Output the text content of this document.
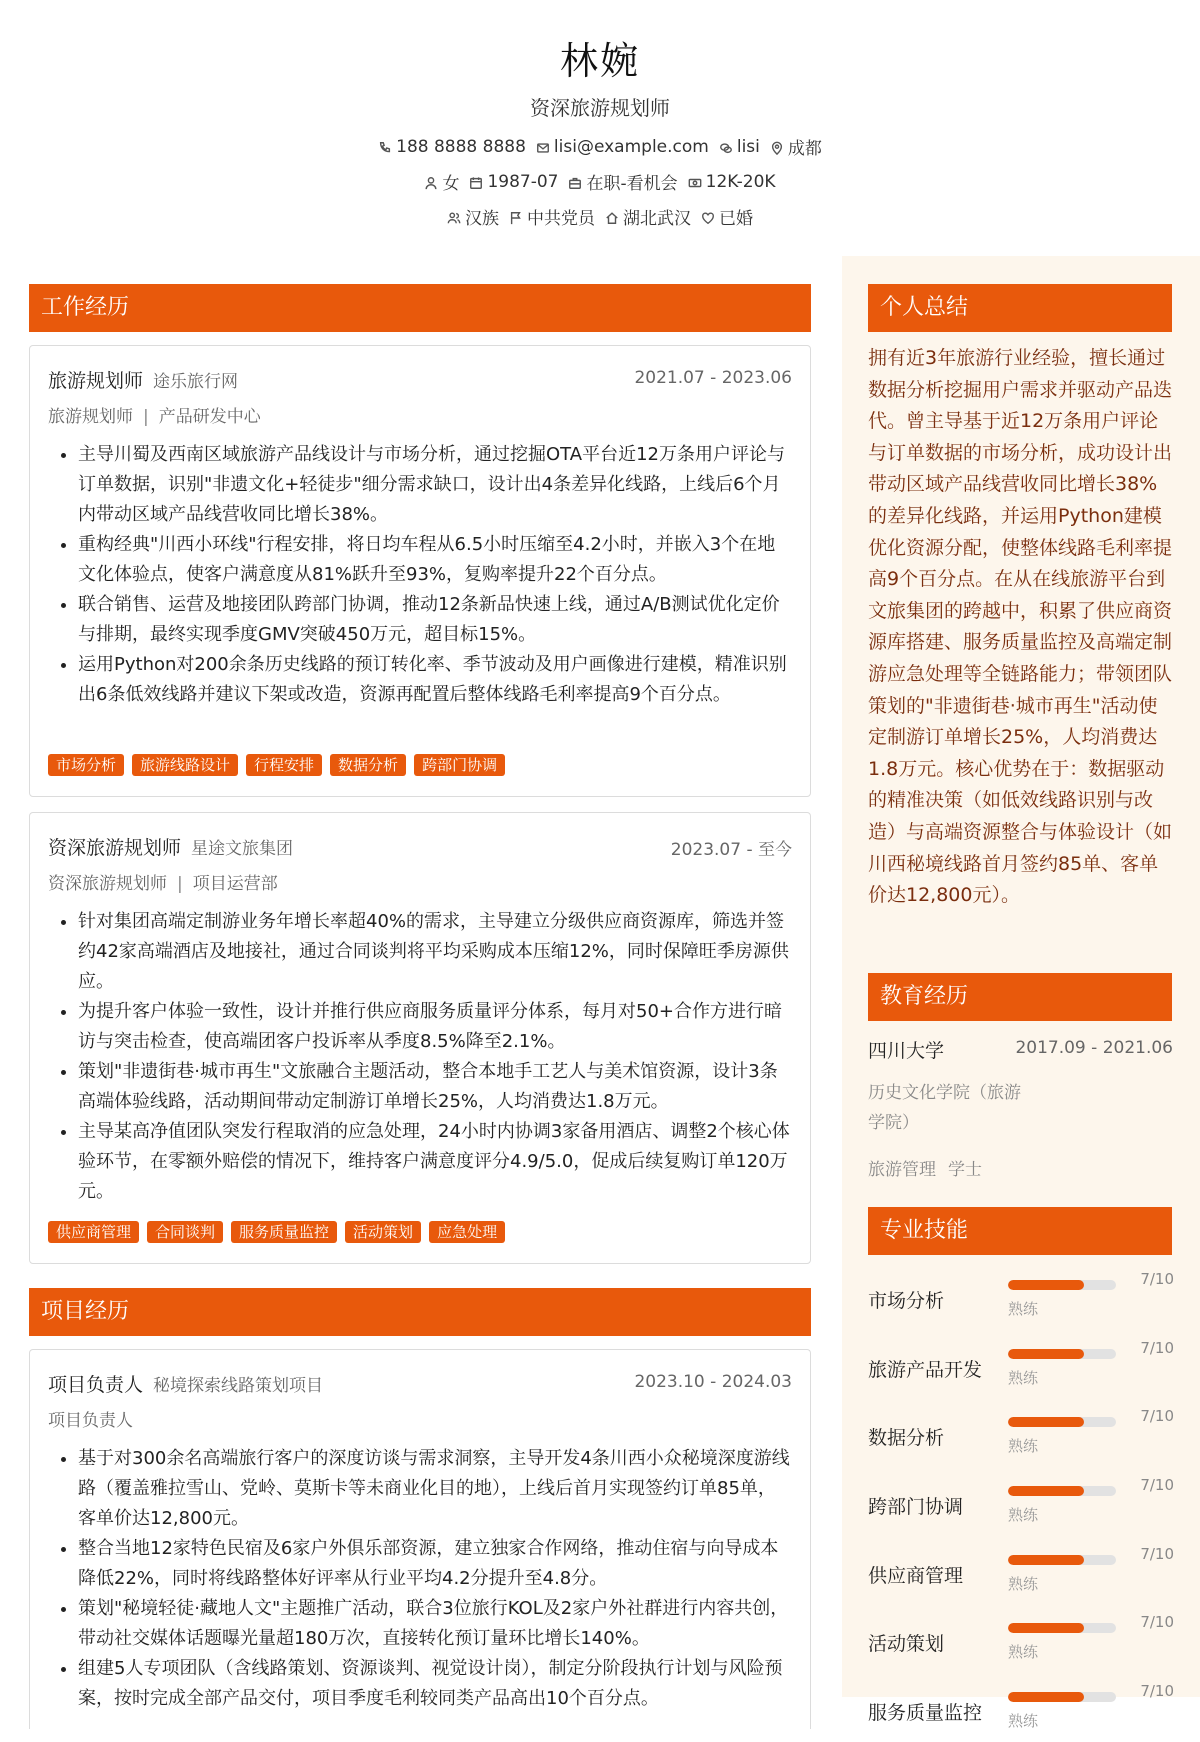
林婉
资深旅游规划师
188 8888 8888 lisi@example.com lisi 成都
女 1987-07 在职-看机会 12K-20K
汉族 中共党员 湖北武汉 已婚
工作经历
旅游规划师 途乐旅行网	2021.07 - 2023.06
旅游规划师 | 产品研发中心
• 主导川蜀及西南区域旅游产品线设计与市场分析，通过挖掘OTA平台近12万条用户评论与订单数据，识别"非遗文化+轻徒步"细分需求缺口，设计出4条差异化线路，上线后6个月内带动区域产品线营收同比增长38%。
• 重构经典"川西小环线"行程安排，将日均车程从6.5小时压缩至4.2小时，并嵌入3个在地文化体验点，使客户满意度从81%跃升至93%，复购率提升22个百分点。
• 联合销售、运营及地接团队跨部门协调，推动12条新品快速上线，通过A/B测试优化定价与排期，最终实现季度GMV突破450万元，超目标15%。
• 运用Python对200余条历史线路的预订转化率、季节波动及用户画像进行建模，精准识别出6条低效线路并建议下架或改造，资源再配置后整体线路毛利率提高9个百分点。
市场分析	旅游线路设计	行程安排	数据分析	跨部门协调
资深旅游规划师 星途文旅集团	2023.07 - 至今
资深旅游规划师 | 项目运营部
• 针对集团高端定制游业务年增长率超40%的需求，主导建立分级供应商资源库，筛选并签约42家高端酒店及地接社，通过合同谈判将平均采购成本压缩12%，同时保障旺季房源供应。
• 为提升客户体验一致性，设计并推行供应商服务质量评分体系，每月对50+合作方进行暗访与突击检查，使高端团客户投诉率从季度8.5%降至2.1%。
• 策划"非遗街巷·城市再生"文旅融合主题活动，整合本地手工艺人与美术馆资源，设计3条高端体验线路，活动期间带动定制游订单增长25%，人均消费达1.8万元。
• 主导某高净值团队突发行程取消的应急处理，24小时内协调3家备用酒店、调整2个核心体验环节，在零额外赔偿的情况下，维持客户满意度评分4.9/5.0，促成后续复购订单120万元。
供应商管理	合同谈判	服务质量监控	活动策划	应急处理
项目经历
项目负责人 秘境探索线路策划项目	2023.10 - 2024.03
项目负责人
• 基于对300余名高端旅行客户的深度访谈与需求洞察，主导开发4条川西小众秘境深度游线路（覆盖雅拉雪山、党岭、莫斯卡等未商业化目的地），上线后首月实现签约订单85单，客单价达12,800元。
• 整合当地12家特色民宿及6家户外俱乐部资源，建立独家合作网络，推动住宿与向导成本降低22%，同时将线路整体好评率从行业平均4.2分提升至4.8分。
• 策划"秘境轻徒·藏地人文"主题推广活动，联合3位旅行KOL及2家户外社群进行内容共创，带动社交媒体话题曝光量超180万次，直接转化预订量环比增长140%。
• 组建5人专项团队（含线路策划、资源谈判、视觉设计岗），制定分阶段执行计划与风险预案，按时完成全部产品交付，项目季度毛利较同类产品高出10个百分点。
个人总结
拥有近3年旅游行业经验，擅长通过数据分析挖掘用户需求并驱动产品迭代。曾主导基于近12万条用户评论与订单数据的市场分析，成功设计出带动区域产品线营收同比增长38%的差异化线路，并运用Python建模优化资源分配，使整体线路毛利率提高9个百分点。在从在线旅游平台到文旅集团的跨越中，积累了供应商资源库搭建、服务质量监控及高端定制游应急处理等全链路能力；带领团队策划的"非遗街巷·城市再生"活动使定制游订单增长25%，人均消费达1.8万元。核心优势在于：数据驱动的精准决策（如低效线路识别与改造）与高端资源整合与体验设计（如川西秘境线路首月签约85单、客单价达12,800元）。
教育经历
四川大学	2017.09 - 2021.06
历史文化学院（旅游学院）
旅游管理 学士
专业技能
市场分析
7/10
熟练
旅游产品开发
7/10
熟练
数据分析
7/10
熟练
跨部门协调
7/10
熟练
供应商管理
7/10
熟练
活动策划
7/10
熟练
服务质量监控
7/10
熟练
